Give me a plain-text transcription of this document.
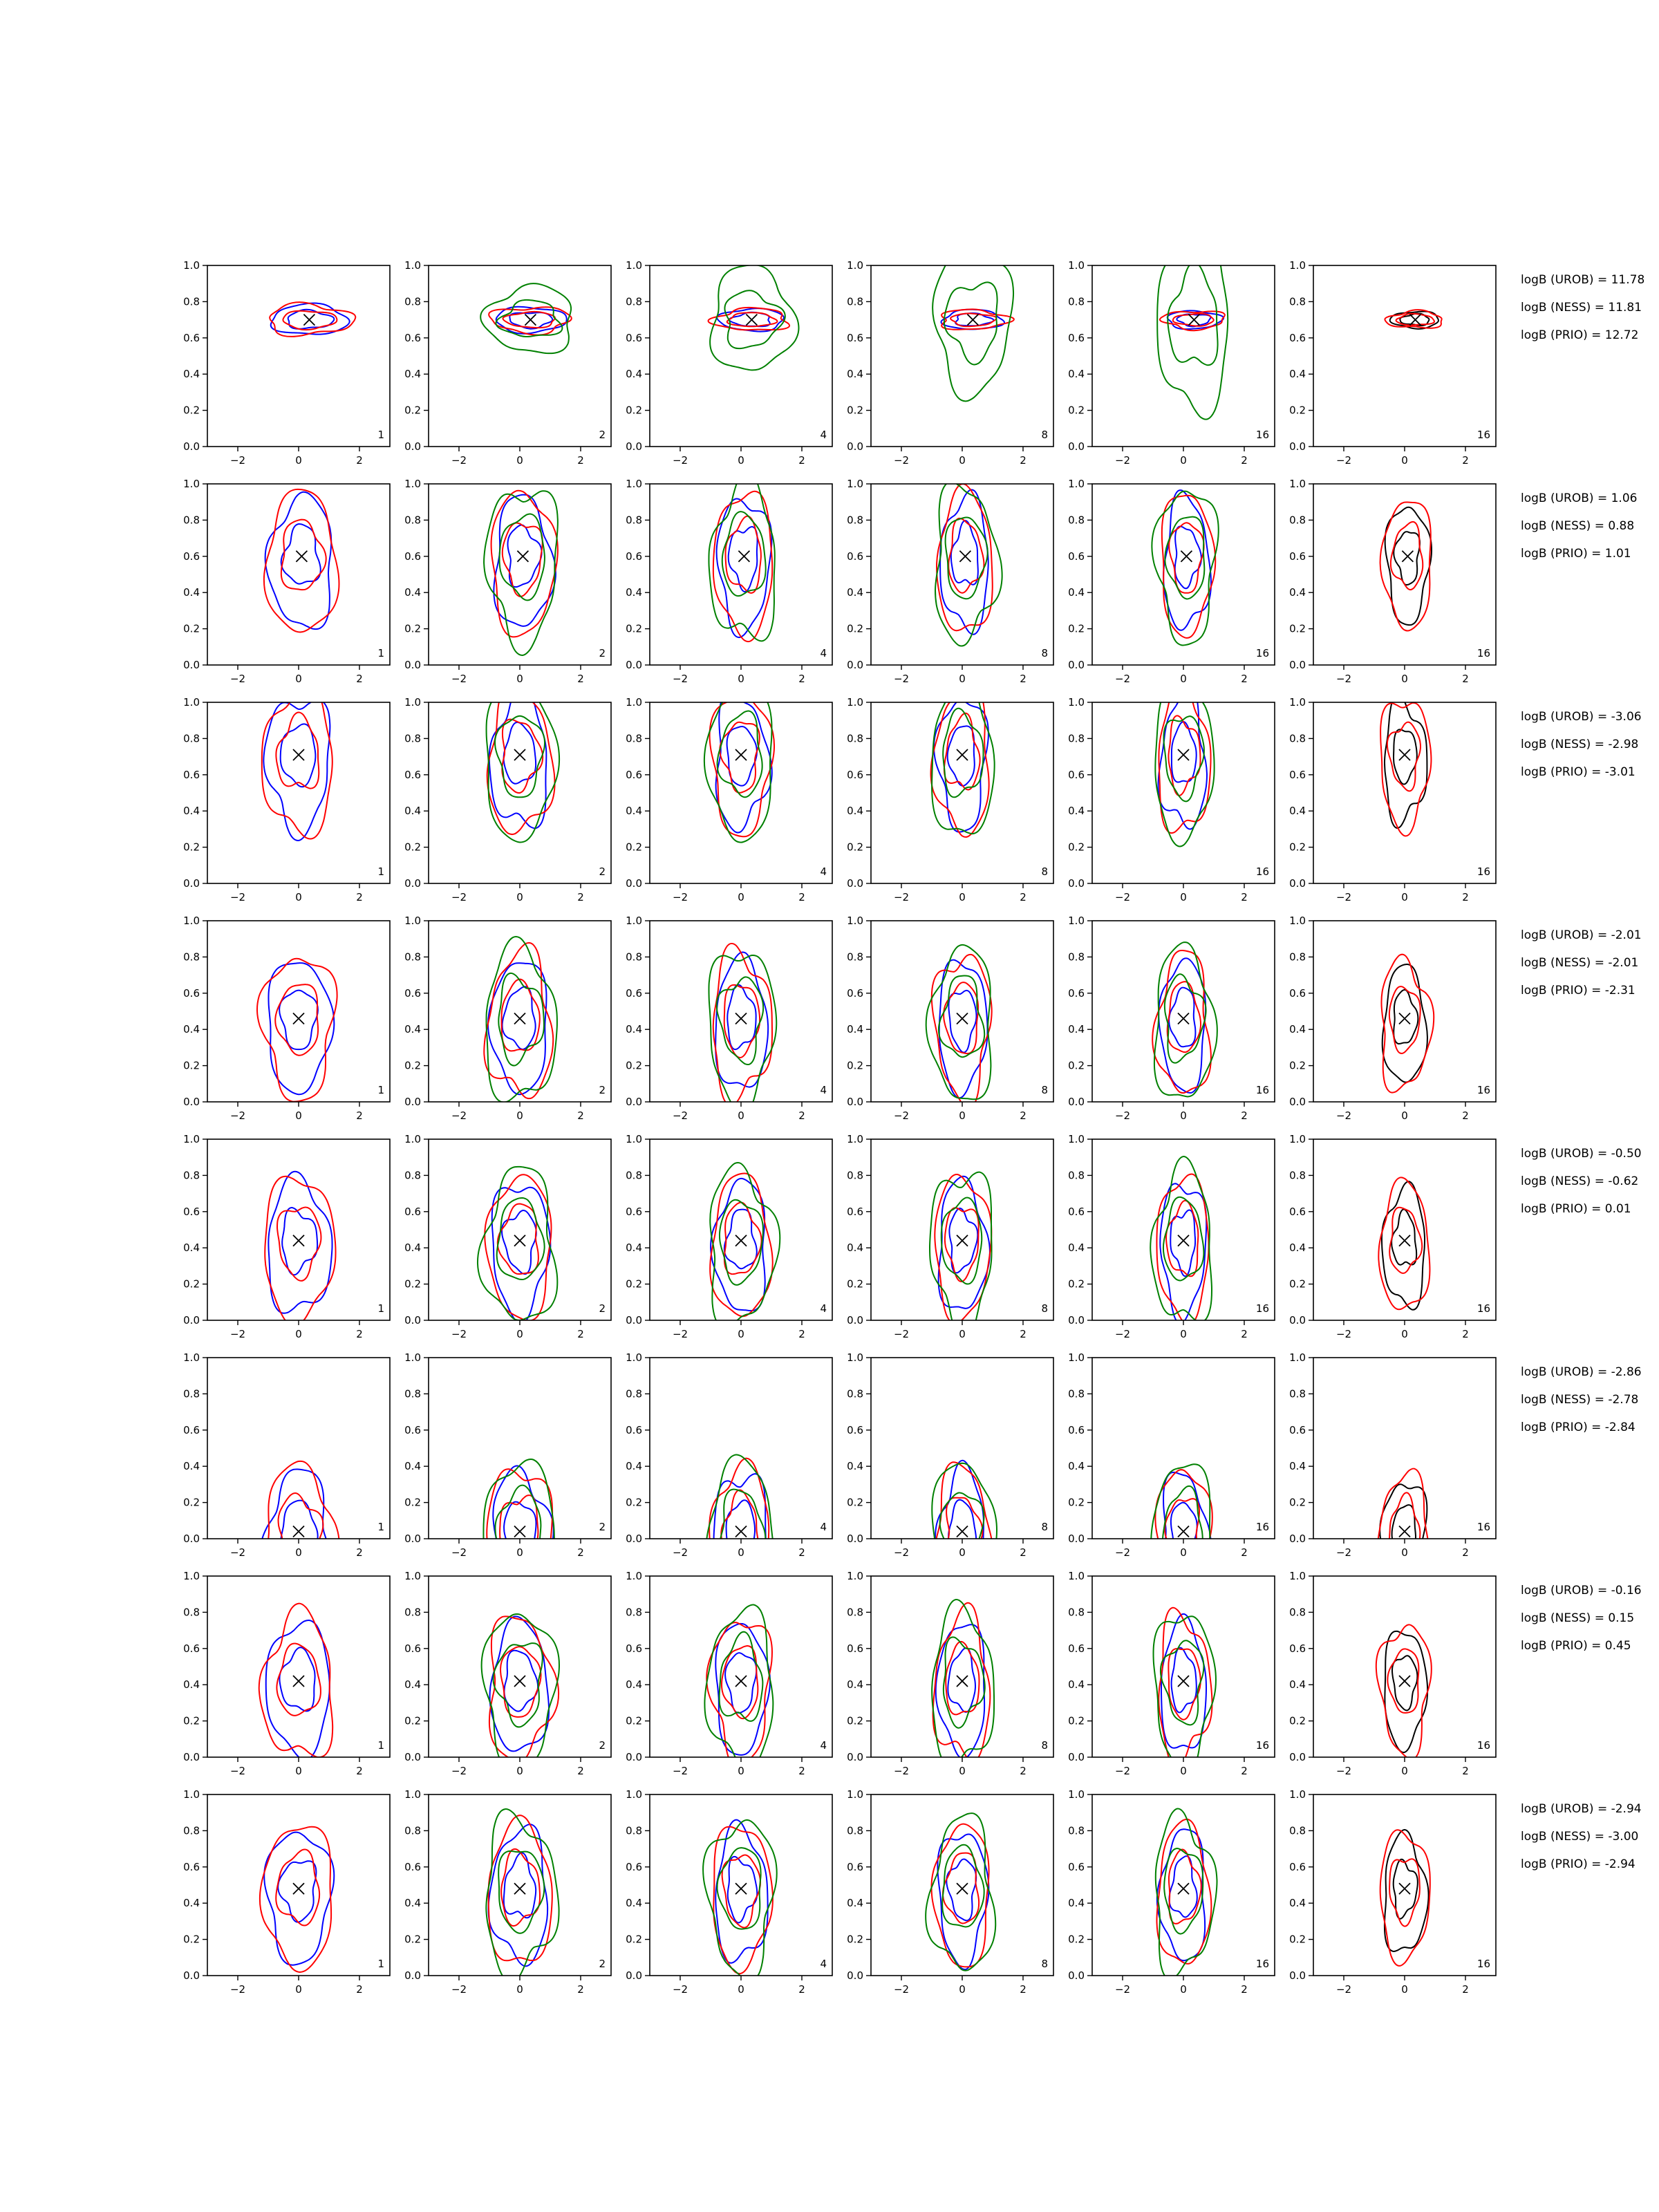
−2	0	2
0.0
0.2
0.4
0.6
0.8
1.0
1
−2	0	2
0.0
0.2
0.4
0.6
0.8
1.0
2
−2	0	2
0.0
0.2
0.4
0.6
0.8
1.0
4
−2	0	2
0.0
0.2
0.4
0.6
0.8
1.0
8
−2	0	2
0.0
0.2
0.4
0.6
0.8
1.0
16
−2	0	2
0.0
0.2
0.4
0.6
0.8
1.0
16
logB (UROB) = 11.78
logB (NESS) = 11.81
logB (PRIO) = 12.72
−2	0	2
0.0
0.2
0.4
0.6
0.8
1.0
1
−2	0	2
0.0
0.2
0.4
0.6
0.8
1.0
2
−2	0	2
0.0
0.2
0.4
0.6
0.8
1.0
4
−2	0	2
0.0
0.2
0.4
0.6
0.8
1.0
8
−2	0	2
0.0
0.2
0.4
0.6
0.8
1.0
16
−2	0	2
0.0
0.2
0.4
0.6
0.8
1.0
16
logB (UROB) = 1.06
logB (NESS) = 0.88
logB (PRIO) = 1.01
−2	0	2
0.0
0.2
0.4
0.6
0.8
1.0
1
−2	0	2
0.0
0.2
0.4
0.6
0.8
1.0
2
−2	0	2
0.0
0.2
0.4
0.6
0.8
1.0
4
−2	0	2
0.0
0.2
0.4
0.6
0.8
1.0
8
−2	0	2
0.0
0.2
0.4
0.6
0.8
1.0
16
−2	0	2
0.0
0.2
0.4
0.6
0.8
1.0
16
logB (UROB) = -3.06
logB (NESS) = -2.98
logB (PRIO) = -3.01
−2	0	2
0.0
0.2
0.4
0.6
0.8
1.0
1
−2	0	2
0.0
0.2
0.4
0.6
0.8
1.0
2
−2	0	2
0.0
0.2
0.4
0.6
0.8
1.0
4
−2	0	2
0.0
0.2
0.4
0.6
0.8
1.0
8
−2	0	2
0.0
0.2
0.4
0.6
0.8
1.0
16
−2	0	2
0.0
0.2
0.4
0.6
0.8
1.0
16
logB (UROB) = -2.01
logB (NESS) = -2.01
logB (PRIO) = -2.31
−2	0	2
0.0
0.2
0.4
0.6
0.8
1.0
1
−2	0	2
0.0
0.2
0.4
0.6
0.8
1.0
2
−2	0	2
0.0
0.2
0.4
0.6
0.8
1.0
4
−2	0	2
0.0
0.2
0.4
0.6
0.8
1.0
8
−2	0	2
0.0
0.2
0.4
0.6
0.8
1.0
16
−2	0	2
0.0
0.2
0.4
0.6
0.8
1.0
16
logB (UROB) = -0.50
logB (NESS) = -0.62
logB (PRIO) = 0.01
−2	0	2
0.0
0.2
0.4
0.6
0.8
1.0
1
−2	0	2
0.0
0.2
0.4
0.6
0.8
1.0
2
−2	0	2
0.0
0.2
0.4
0.6
0.8
1.0
4
−2	0	2
0.0
0.2
0.4
0.6
0.8
1.0
8
−2	0	2
0.0
0.2
0.4
0.6
0.8
1.0
16
−2	0	2
0.0
0.2
0.4
0.6
0.8
1.0
16
logB (UROB) = -2.86
logB (NESS) = -2.78
logB (PRIO) = -2.84
−2	0	2
0.0
0.2
0.4
0.6
0.8
1.0
1
−2	0	2
0.0
0.2
0.4
0.6
0.8
1.0
2
−2	0	2
0.0
0.2
0.4
0.6
0.8
1.0
4
−2	0	2
0.0
0.2
0.4
0.6
0.8
1.0
8
−2	0	2
0.0
0.2
0.4
0.6
0.8
1.0
16
−2	0	2
0.0
0.2
0.4
0.6
0.8
1.0
16
logB (UROB) = -0.16
logB (NESS) = 0.15
logB (PRIO) = 0.45
−2	0	2
0.0
0.2
0.4
0.6
0.8
1.0
1
−2	0	2
0.0
0.2
0.4
0.6
0.8
1.0
2
−2	0	2
0.0
0.2
0.4
0.6
0.8
1.0
4
−2	0	2
0.0
0.2
0.4
0.6
0.8
1.0
8
−2	0	2
0.0
0.2
0.4
0.6
0.8
1.0
16
−2	0	2
0.0
0.2
0.4
0.6
0.8
1.0
16
logB (UROB) = -2.94
logB (NESS) = -3.00
logB (PRIO) = -2.94
